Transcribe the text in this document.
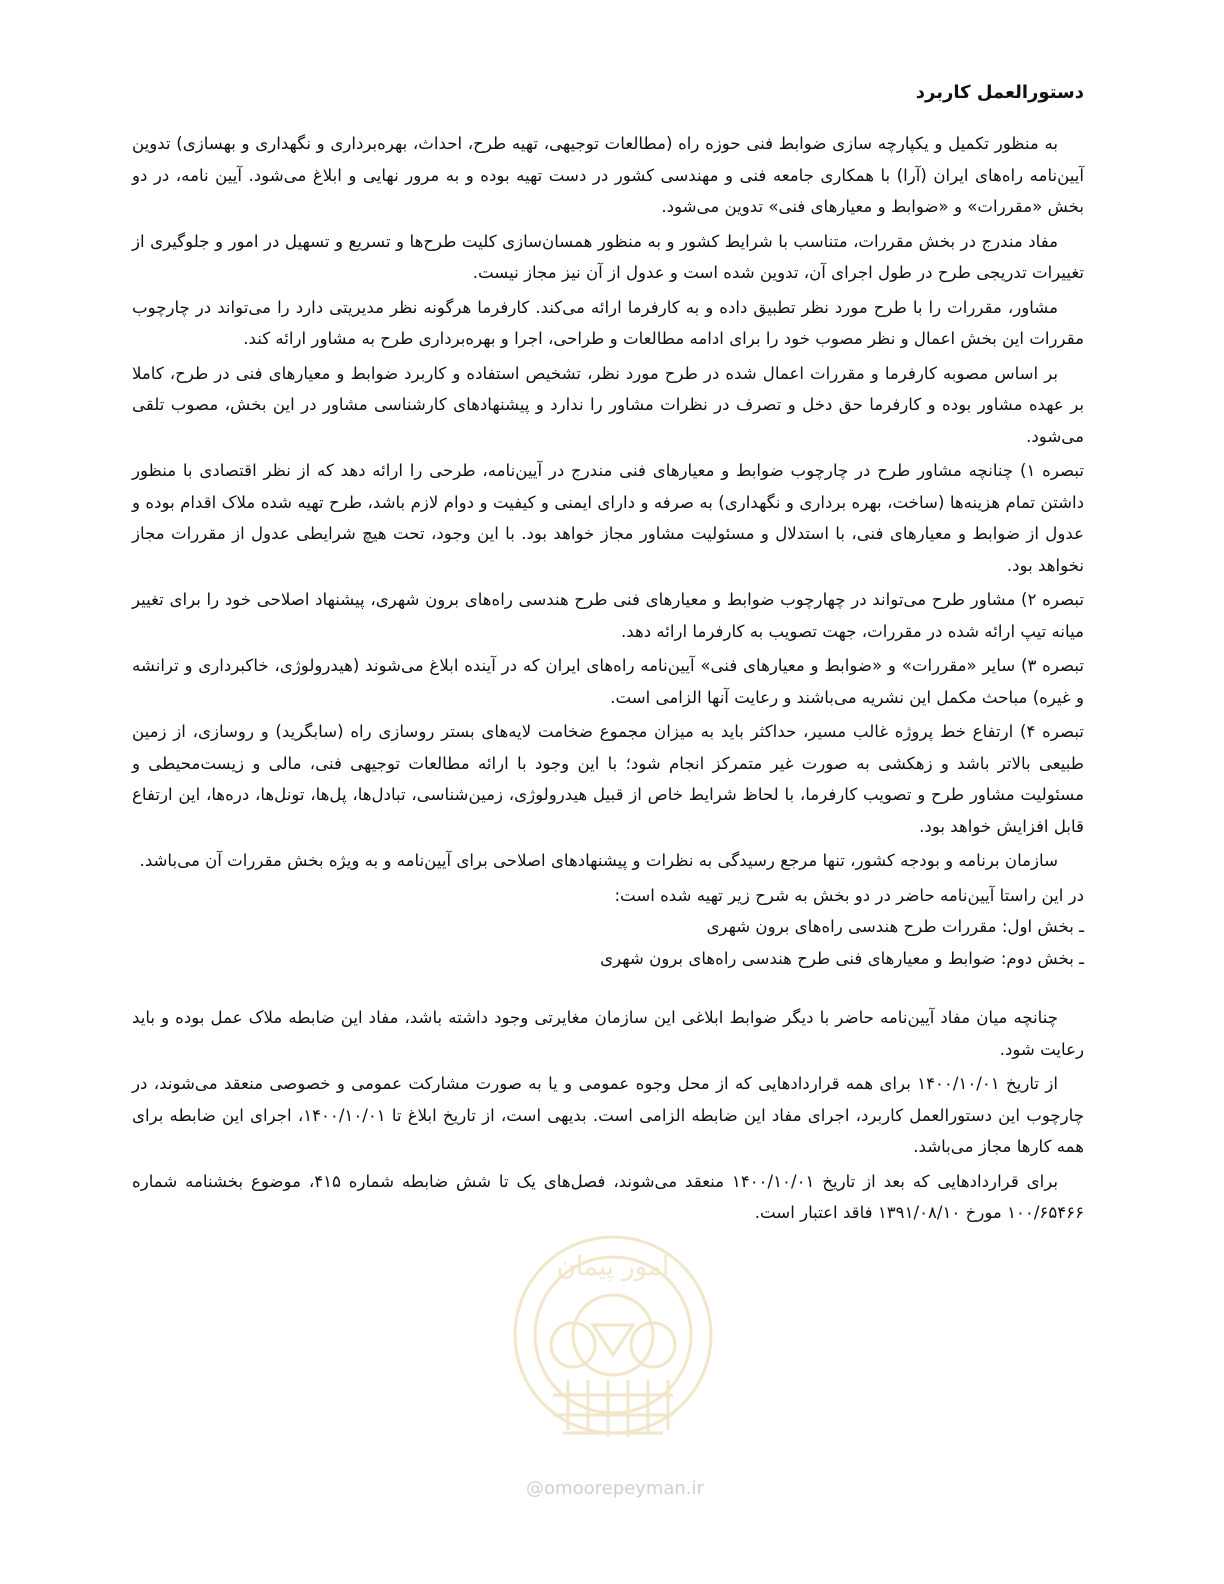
دستورالعمل کاربرد
به منظور تکمیل و یکپارچه سازی ضوابط فنی حوزه راه (مطالعات توجیهی، تهیه طرح، احداث، بهره‌برداری و نگهداری و بهسازی) تدوین آیین‌نامه راه‌های ایران (آرا) با همکاری جامعه فنی و مهندسی کشور در دست تهیه بوده و به مرور نهایی و ابلاغ می‌شود. آیین نامه، در دو بخش «مقررات» و «ضوابط و معیارهای فنی» تدوین می‌شود.
مفاد مندرج در بخش مقررات، متناسب با شرایط کشور و به منظور همسان‌سازی کلیت طرح‌ها و تسریع و تسهیل در امور و جلوگیری از تغییرات تدریجی طرح در طول اجرای آن، تدوین شده است و عدول از آن نیز مجاز نیست.
مشاور، مقررات را با طرح مورد نظر تطبیق داده و به کارفرما ارائه می‌کند. کارفرما هرگونه نظر مدیریتی دارد را می‌تواند در چارچوب مقررات این بخش اعمال و نظر مصوب خود را برای ادامه مطالعات و طراحی، اجرا و بهره‌برداری طرح به مشاور ارائه کند.
بر اساس مصوبه کارفرما و مقررات اعمال شده در طرح مورد نظر، تشخیص استفاده و کاربرد ضوابط و معیارهای فنی در طرح، کاملا بر عهده مشاور بوده و کارفرما حق دخل و تصرف در نظرات مشاور را ندارد و پیشنهادهای کارشناسی مشاور در این بخش، مصوب تلقی می‌شود.
تبصره ۱) چنانچه مشاور طرح در چارچوب ضوابط و معیارهای فنی مندرج در آیین‌نامه، طرحی را ارائه دهد که از نظر اقتصادی با منظور داشتن تمام هزینه‌ها (ساخت، بهره برداری و نگهداری) به صرفه و دارای ایمنی و کیفیت و دوام لازم باشد، طرح تهیه شده ملاک اقدام بوده و عدول از ضوابط و معیارهای فنی، با استدلال و مسئولیت مشاور مجاز خواهد بود. با این وجود، تحت هیچ شرایطی عدول از مقررات مجاز نخواهد بود.
تبصره ۲) مشاور طرح می‌تواند در چهارچوب ضوابط و معیارهای فنی طرح هندسی راه‌های برون شهری، پیشنهاد اصلاحی خود را برای تغییر میانه تیپ ارائه شده در مقررات، جهت تصویب به کارفرما ارائه دهد.
تبصره ۳) سایر «مقررات» و «ضوابط و معیارهای فنی» آیین‌نامه راه‌های ایران که در آینده ابلاغ می‌شوند (هیدرولوژی، خاکبرداری و ترانشه و غیره) مباحث مکمل این نشریه می‌باشند و رعایت آنها الزامی است.
تبصره ۴) ارتفاع خط پروژه غالب مسیر، حداکثر باید به میزان مجموع ضخامت لایه‌های بستر روسازی راه (سابگرید) و روسازی، از زمین طبیعی بالاتر باشد و زهکشی به صورت غیر متمرکز انجام شود؛ با این وجود با ارائه مطالعات توجیهی فنی، مالی و زیست‌محیطی و مسئولیت مشاور طرح و تصویب کارفرما، با لحاظ شرایط خاص از قبیل هیدرولوژی، زمین‌شناسی، تبادل‌ها، پل‌ها، تونل‌ها، دره‌ها، این ارتفاع قابل افزایش خواهد بود.
سازمان برنامه و بودجه کشور، تنها مرجع رسیدگی به نظرات و پیشنهادهای اصلاحی برای آیین‌نامه و به ویژه بخش مقررات آن می‌باشد.
در این راستا آیین‌نامه حاضر در دو بخش به شرح زیر تهیه شده است:
ـ بخش اول: مقررات طرح هندسی راه‌های برون شهری
ـ بخش دوم: ضوابط و معیارهای فنی طرح هندسی راه‌های برون شهری
چنانچه میان مفاد آیین‌نامه حاضر با دیگر ضوابط ابلاغی این سازمان مغایرتی وجود داشته باشد، مفاد این ضابطه ملاک عمل بوده و باید رعایت شود.
از تاریخ ۱۴۰۰/۱۰/۰۱ برای همه قراردادهایی که از محل وجوه عمومی و یا به صورت مشارکت عمومی و خصوصی منعقد می‌شوند، در چارچوب این دستورالعمل کاربرد، اجرای مفاد این ضابطه الزامی است. بدیهی است، از تاریخ ابلاغ تا ۱۴۰۰/۱۰/۰۱، اجرای این ضابطه برای همه کارها مجاز می‌باشد.
برای قراردادهایی که بعد از تاریخ ۱۴۰۰/۱۰/۰۱ منعقد می‌شوند، فصل‌های یک تا شش ضابطه شماره ۴۱۵، موضوع بخشنامه شماره ۱۰۰/۶۵۴۶۶ مورخ ۱۳۹۱/۰۸/۱۰ فاقد اعتبار است.
امور پیمان
@omoorepeyman.ir
